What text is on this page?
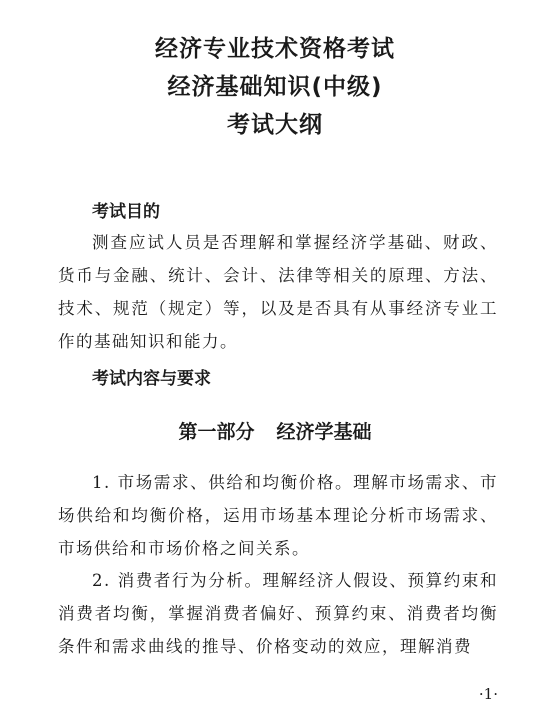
经济专业技术资格考试
经济基础知识(中级)
考试大纲
考试目的
测查应试人员是否理解和掌握经济学基础、财政、货币与金融、统计、会计、法律等相关的原理、方法、技术、规范（规定）等，以及是否具有从事经济专业工作的基础知识和能力。
考试内容与要求
第一部分 经济学基础
1. 市场需求、供给和均衡价格。理解市场需求、市场供给和均衡价格，运用市场基本理论分析市场需求、市场供给和市场价格之间关系。
2. 消费者行为分析。理解经济人假设、预算约束和消费者均衡，掌握消费者偏好、预算约束、消费者均衡条件和需求曲线的推导、价格变动的效应，理解消费
·1·
